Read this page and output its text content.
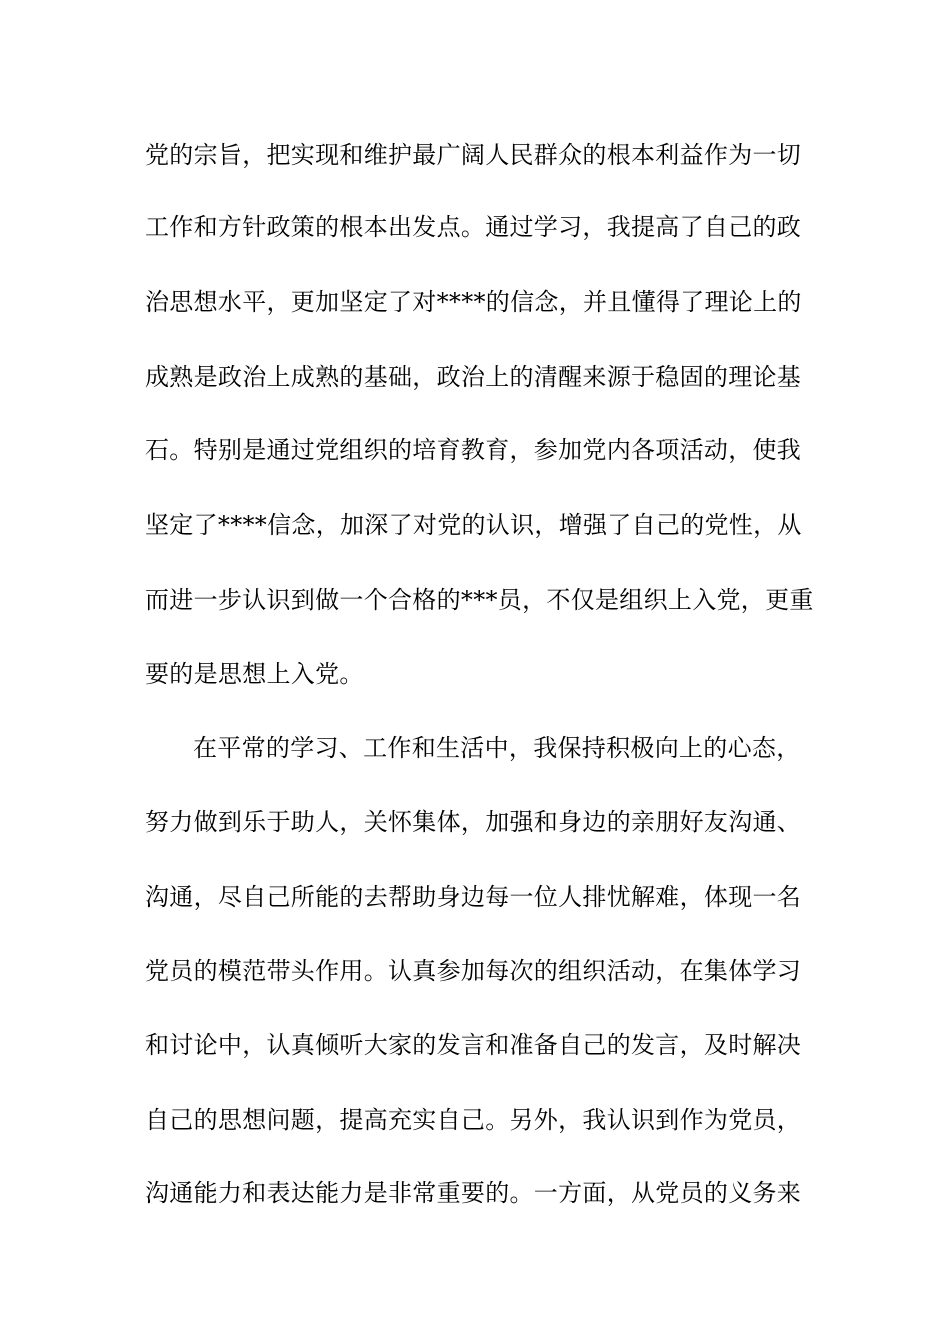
党的宗旨，把实现和维护最广阔人民群众的根本利益作为一切
工作和方针政策的根本出发点。通过学习，我提高了自己的政
治思想水平，更加坚定了对****的信念，并且懂得了理论上的
成熟是政治上成熟的基础，政治上的清醒来源于稳固的理论基
石。特别是通过党组织的培育教育，参加党内各项活动，使我
坚定了****信念，加深了对党的认识，增强了自己的党性，从
而进一步认识到做一个合格的***员，不仅是组织上入党，更重
要的是思想上入党。
在平常的学习、工作和生活中，我保持积极向上的心态，
努力做到乐于助人，关怀集体，加强和身边的亲朋好友沟通、
沟通，尽自己所能的去帮助身边每一位人排忧解难，体现一名
党员的模范带头作用。认真参加每次的组织活动，在集体学习
和讨论中，认真倾听大家的发言和准备自己的发言，及时解决
自己的思想问题，提高充实自己。另外，我认识到作为党员，
沟通能力和表达能力是非常重要的。一方面，从党员的义务来
